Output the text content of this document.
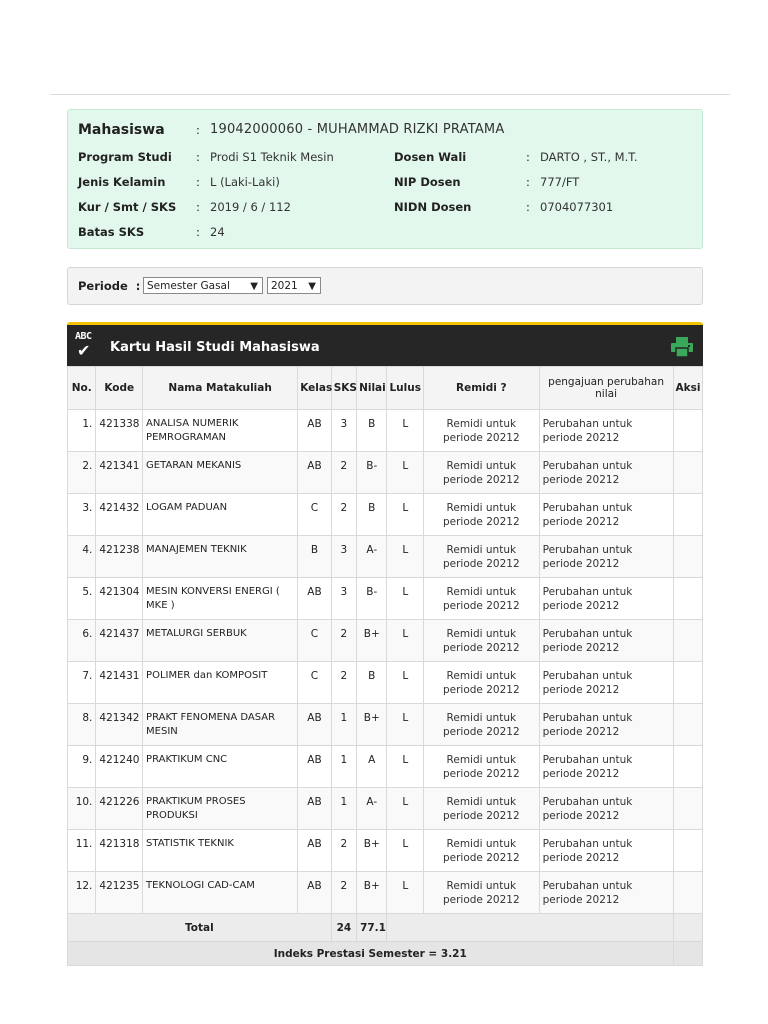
Mahasiswa	: 19042000060 - MUHAMMAD RIZKI PRATAMA
Program Studi : Prodi S1 Teknik Mesin
Jenis Kelamin	: L (Laki-Laki)
Kur / Smt / SKS : 2019 / 6 / 112
Batas SKS	: 24
Dosen Wali	: DARTO , ST., M.T.
NIP Dosen	: 777/FT
NIDN Dosen	: 0704077301
Periode : Semester Gasal ▼	2021 ▼
ABC
✔ Kartu Hasil Studi Mahasiswa
No.	Kode	Nama Matakuliah	Kelas	SKS	Nilai	Lulus	Remidi ?	pengajuan perubahan nilai	Aksi
1.	421338	ANALISA NUMERIK PEMROGRAMAN	AB	3	B	L	Remidi untuk periode 20212	Perubahan untuk periode 20212	
2.	421341	GETARAN MEKANIS	AB	2	B-	L	Remidi untuk periode 20212	Perubahan untuk periode 20212	
3.	421432	LOGAM PADUAN	C	2	B	L	Remidi untuk periode 20212	Perubahan untuk periode 20212	
4.	421238	MANAJEMEN TEKNIK	B	3	A-	L	Remidi untuk periode 20212	Perubahan untuk periode 20212	
5.	421304	MESIN KONVERSI ENERGI ( MKE )	AB	3	B-	L	Remidi untuk periode 20212	Perubahan untuk periode 20212	
6.	421437	METALURGI SERBUK	C	2	B+	L	Remidi untuk periode 20212	Perubahan untuk periode 20212	
7.	421431	POLIMER dan KOMPOSIT	C	2	B	L	Remidi untuk periode 20212	Perubahan untuk periode 20212	
8.	421342	PRAKT FENOMENA DASAR MESIN	AB	1	B+	L	Remidi untuk periode 20212	Perubahan untuk periode 20212	
9.	421240	PRAKTIKUM CNC	AB	1	A	L	Remidi untuk periode 20212	Perubahan untuk periode 20212	
10.	421226	PRAKTIKUM PROSES PRODUKSI	AB	1	A-	L	Remidi untuk periode 20212	Perubahan untuk periode 20212	
11.	421318	STATISTIK TEKNIK	AB	2	B+	L	Remidi untuk periode 20212	Perubahan untuk periode 20212	
12.	421235	TEKNOLOGI CAD-CAM	AB	2	B+	L	Remidi untuk periode 20212	Perubahan untuk periode 20212	
Total				24	77.1				
Indeks Prestasi Semester = 3.21									
